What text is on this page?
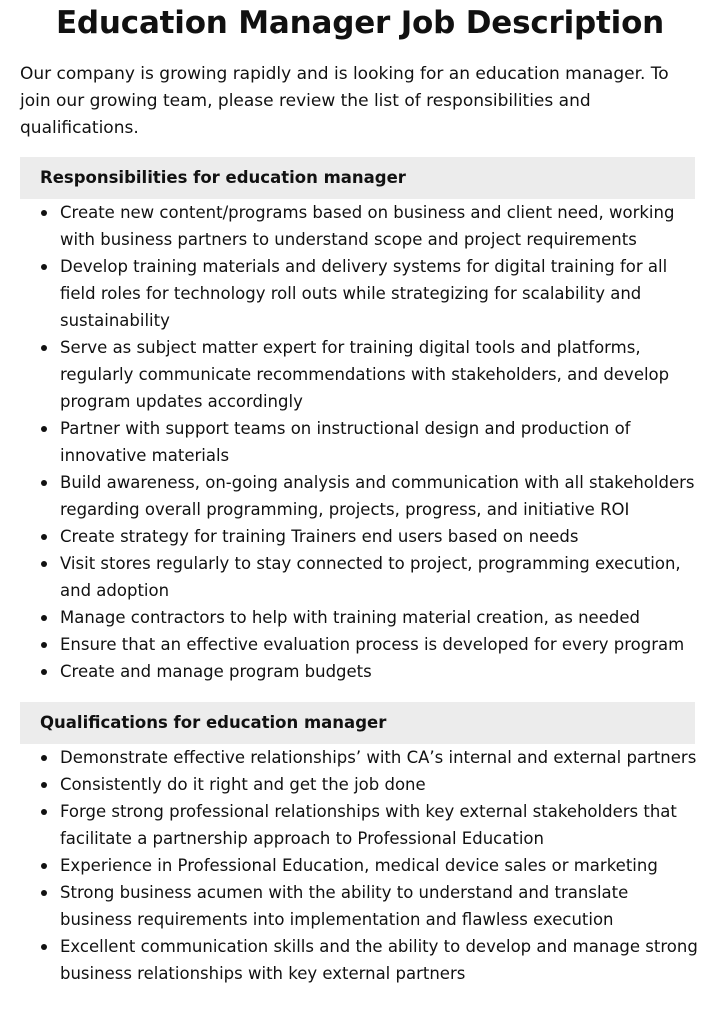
Education Manager Job Description

Our company is growing rapidly and is looking for an education manager. To join our growing team, please review the list of responsibilities and qualifications.

Responsibilities for education manager
Create new content/programs based on business and client need, working with business partners to understand scope and project requirements
Develop training materials and delivery systems for digital training for all field roles for technology roll outs while strategizing for scalability and sustainability
Serve as subject matter expert for training digital tools and platforms, regularly communicate recommendations with stakeholders, and develop program updates accordingly
Partner with support teams on instructional design and production of innovative materials
Build awareness, on-going analysis and communication with all stakeholders regarding overall programming, projects, progress, and initiative ROI
Create strategy for training Trainers end users based on needs
Visit stores regularly to stay connected to project, programming execution, and adoption
Manage contractors to help with training material creation, as needed
Ensure that an effective evaluation process is developed for every program
Create and manage program budgets
Qualifications for education manager
Demonstrate effective relationships’ with CA’s internal and external partners
Consistently do it right and get the job done
Forge strong professional relationships with key external stakeholders that facilitate a partnership approach to Professional Education
Experience in Professional Education, medical device sales or marketing
Strong business acumen with the ability to understand and translate business requirements into implementation and flawless execution
Excellent communication skills and the ability to develop and manage strong business relationships with key external partners
